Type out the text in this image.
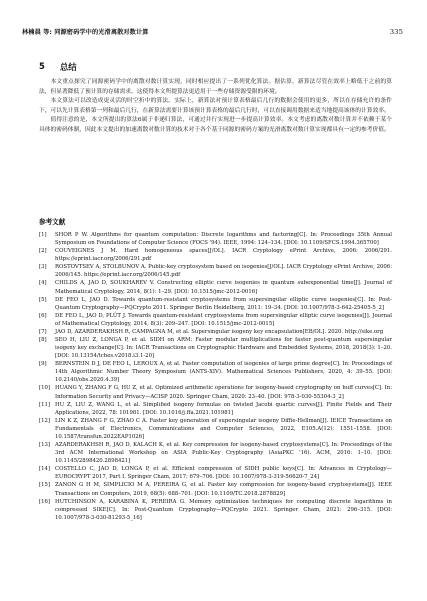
林楠晨 等: 同源密码学中的光滑离散对数计算	335
5 总结

本文重点探究了同源密码学中的离散对数计算实现，同时相应提出了一系列优化算法。据估算，新算法尽管在效率上略低于之前的算法，但显著降低了预计算的存储需求。这使得本文所提算法更适用于一些存储资源受限的环境。

本文算法可以改造成更灵活的时空折中的算法。实际上，新算法对预计算表格最后几行的数据会使用的更多，所以在存储允许的条件下，可以先计算表格第一列和最后几行，在新算法需要计算该预计算表格的最后几行时，可以直接调用数据来适当地提高该体的计算效率。

值得注意的是，本文所提出的算法6属于非递归算法，可通过并行实现进一步提高计算效率。本文考虑的离散对数计算并不依赖于某个具体的密码体制，因此本文提出的加速离散对数计算的技术对于各个基于同源的密码方案的光滑离散对数计算实现都具有一定的参考价值。

参考文献
[1]	SHOR P W. Algorithms for quantum computation: Discrete logarithms and factoring[C]. In: Proceedings 35th Annual Symposium on Foundations of Computer Science (FOCS '94). IEEE, 1994: 124–134. [DOI: 10.1109/SFCS.1994.365700]
[2]	COUVEIGNES J M. Hard homogeneous spaces[J/OL]. IACR Cryptology ePrint Archive, 2006: 2006/291. https://eprint.iacr.org/2006/291.pdf
[3]	ROSTOVTSEV A, STOLBUNOV A. Public-key cryptosystem based on isogenies[J/OL]. IACR Cryptology ePrint Archive, 2006: 2006/145. https://eprint.iacr.org/2006/145.pdf
[4]	CHILDS A, JAO D, SOUKHAREV V. Constructing elliptic curve isogenies in quantum subexponential time[J]. Journal of Mathematical Cryptology, 2014, 8(1): 1–29. [DOI: 10.1515/jmc-2012-0016]
[5]	DE FEO L, JAO D. Towards quantum-resistant cryptosystems from supersingular elliptic curve isogenies[C]. In: Post-Quantum Cryptography—PQCrypto 2011. Springer Berlin Heidelberg, 2011: 19–34. [DOI: 10.1007/978-3-642-25405-5_2]
[6]	DE FEO L, JAO D, PLÛT J. Towards quantum-resistant cryptosystems from supersingular elliptic curve isogenies[J]. Journal of Mathematical Cryptology, 2014, 8(3): 209–247. [DOI: 10.1515/jmc-2012-0015]
[7]	JAO D, AZARDERAKHSH R, CAMPAGNA M, et al. Supersingular isogeny key encapsulation[EB/OL]. 2020. http://sike.org
[8]	SEO H, LIU Z, LONGA P, et al. SIDH on ARM: Faster modular multiplications for faster post-quantum supersingular isogeny key exchange[C]. In: IACR Transactions on Cryptographic Hardware and Embedded Systems, 2018, 2018(3): 1–20. [DOI: 10.13154/tches.v2018.i3.1-20]
[9]	BERNSTEIN D J, DE FEO L, LEROUX A, et al. Faster computation of isogenies of large prime degree[C]. In: Proceedings of 14th Algorithmic Number Theory Symposium (ANTS-XIV). Mathematical Sciences Publishers, 2020, 4: 39–55. [DOI: 10.2140/obs.2020.4.39]
[10] HUANG Y, ZHANG F G, HU Z, et al. Optimized arithmetic operations for isogeny-based cryptography on huff curves[C]. In: Information Security and Privacy—ACISP 2020. Springer Cham, 2020: 23–40. [DOI: 978-3-030-55304-3_2]
[11] HU Z, LIU Z, WANG L, et al. Simplified isogeny formulas on twisted Jacobi quartic curves[J]. Finite Fields and Their Applications, 2022, 78: 101981. [DOI: 10.1016/j.ffa.2021.101981]
[12] LIN K Z, ZHANG F G, ZHAO C A. Faster key generation of supersingular isogeny Diffie-Hellman[J]. IEICE Transactions on Fundamentals of Electronics, Communications and Computer Sciences, 2022, E105.A(12): 1551–1558. [DOI: 10.1587/transfun.2022EAP1026]
[13] AZARDERAKHSH R, JAO D, KALACH K, et al. Key compression for isogeny-based cryptosystems[C]. In: Proceedings of the 3rd ACM International Workshop on ASIA Public-Key Cryptography (AsiaPKC '16). ACM, 2016: 1–10. [DOI: 10.1145/2898420.2898421]
[14] COSTELLO C, JAO D, LONGA P, et al. Efficient compression of SIDH public keys[C]. In: Advances in Cryptology—EUROCRYPT 2017, Part I. Springer Cham, 2017: 679–706. [DOI: 10.1007/978-3-319-56620-7_24]
[15] ZANON G H M, SIMPLICIO M A, PEREIRA G, et al. Faster key compression for isogeny-based cryptosystems[J]. IEEE Transactions on Computers, 2019, 68(5): 688–701. [DOI: 10.1109/TC.2018.2878829]
[16] HUTCHINSON A, KARABINA K, PEREIRA G. Memory optimization techniques for computing discrete logarithms in compressed SIKE[C]. In: Post-Quantum Cryptography—PQCrypto 2021. Springer Cham, 2021: 296–315. [DOI: 10.1007/978-3-030-81293-5_16]
